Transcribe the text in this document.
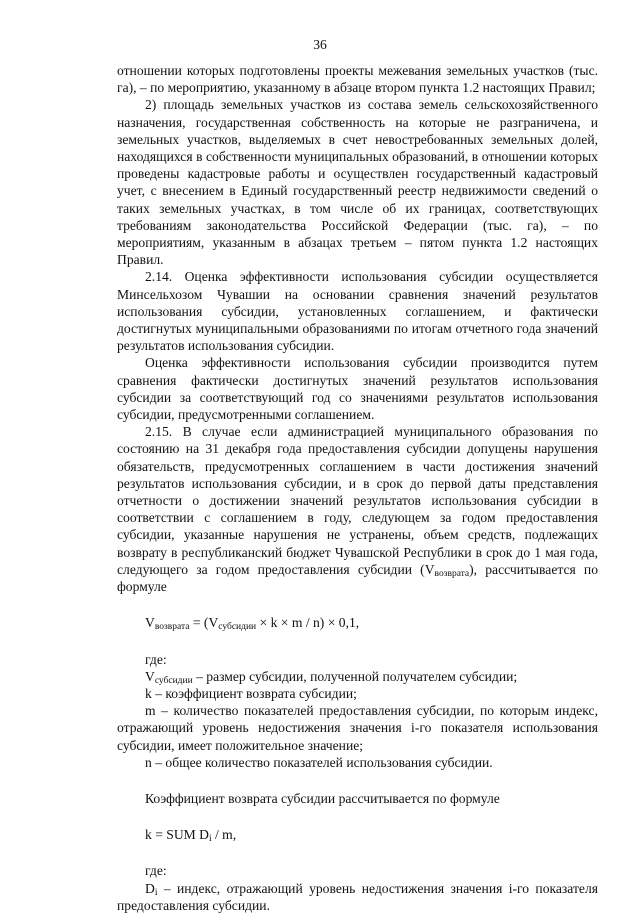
36

отношении которых подготовлены проекты межевания земельных участков (тыс. га), – по мероприятию, указанному в абзаце втором пункта 1.2 настоящих Правил;

2) площадь земельных участков из состава земель сельскохозяйственного назначения, государственная собственность на которые не разграничена, и земельных участков, выделяемых в счет невостребованных земельных долей, находящихся в собственности муниципальных образований, в отношении которых проведены кадастровые работы и осуществлен государственный кадастровый учет, с внесением в Единый государственный реестр недвижимости сведений о таких земельных участках, в том числе об их границах, соответствующих требованиям законодательства Российской Федерации (тыс. га), – по мероприятиям, указанным в абзацах третьем – пятом пункта 1.2 настоящих Правил.

2.14. Оценка эффективности использования субсидии осуществляется Минсельхозом Чувашии на основании сравнения значений результатов использования субсидии, установленных соглашением, и фактически достигнутых муниципальными образованиями по итогам отчетного года значений результатов использования субсидии.

Оценка эффективности использования субсидии производится путем сравнения фактически достигнутых значений результатов использования субсидии за соответствующий год со значениями результатов использования субсидии, предусмотренными соглашением.

2.15. В случае если администрацией муниципального образования по состоянию на 31 декабря года предоставления субсидии допущены нарушения обязательств, предусмотренных соглашением в части достижения значений результатов использования субсидии, и в срок до первой даты представления отчетности о достижении значений результатов использования субсидии в соответствии с соглашением в году, следующем за годом предоставления субсидии, указанные нарушения не устранены, объем средств, подлежащих возврату в республиканский бюджет Чувашской Республики в срок до 1 мая года, следующего за годом предоставления субсидии $(V_{возврата})$, рассчитывается по формуле

$V_{возврата} = (V_{субсидии} \times k \times m / n) \times 0,1$,

где:

$V_{субсидии}$ – размер субсидии, полученной получателем субсидии;

k – коэффициент возврата субсидии;

m – количество показателей предоставления субсидии, по которым индекс, отражающий уровень недостижения значения i-го показателя использования субсидии, имеет положительное значение;

n – общее количество показателей использования субсидии.

Коэффициент возврата субсидии рассчитывается по формуле

k = SUM $D_i$ / m,

где:

$D_i$ – индекс, отражающий уровень недостижения значения i-го показателя предоставления субсидии.
